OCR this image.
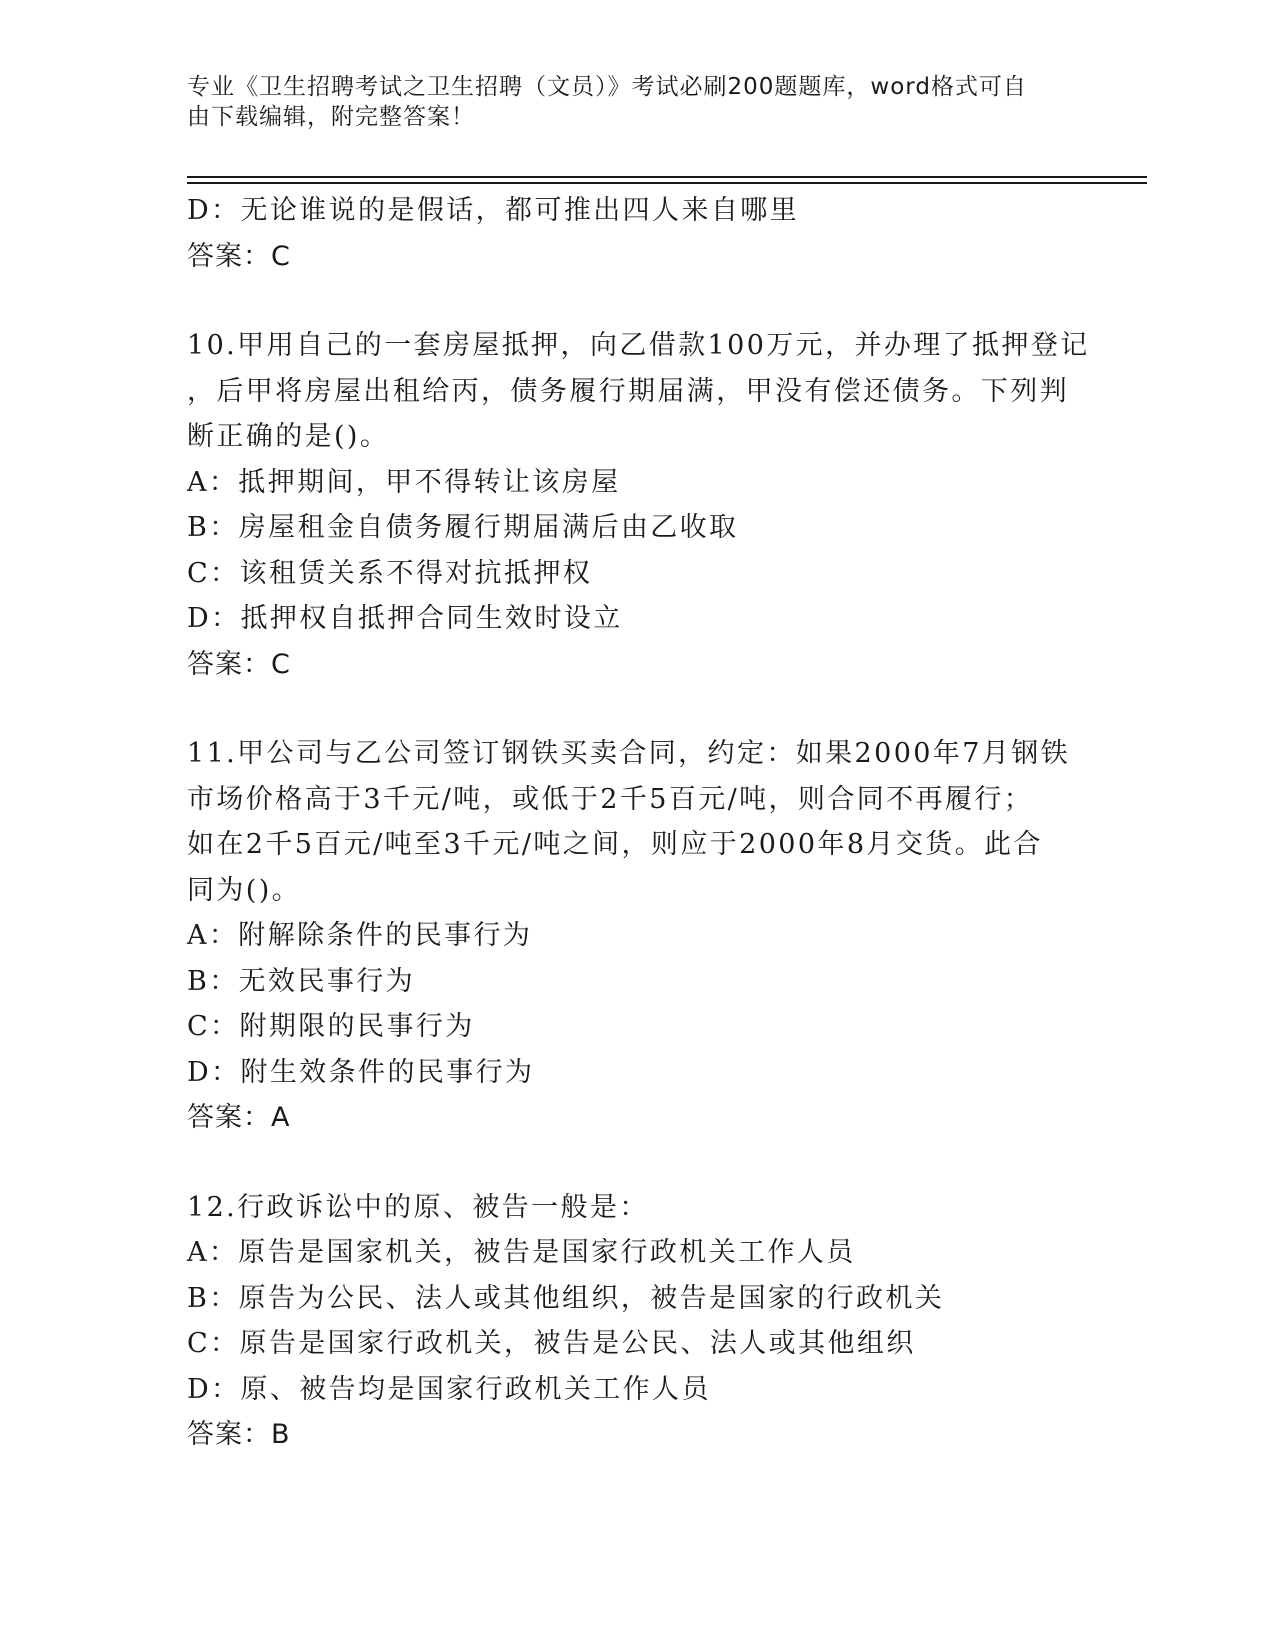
专业《卫生招聘考试之卫生招聘（文员）》考试必刷200题题库，word格式可自
由下载编辑，附完整答案！
D：无论谁说的是假话，都可推出四人来自哪里
答案：C
10.甲用自己的一套房屋抵押，向乙借款100万元，并办理了抵押登记
，后甲将房屋出租给丙，债务履行期届满，甲没有偿还债务。下列判
断正确的是()。
A：抵押期间，甲不得转让该房屋
B：房屋租金自债务履行期届满后由乙收取
C：该租赁关系不得对抗抵押权
D：抵押权自抵押合同生效时设立
答案：C
11.甲公司与乙公司签订钢铁买卖合同，约定：如果2000年7月钢铁
市场价格高于3千元/吨，或低于2千5百元/吨，则合同不再履行；
如在2千5百元/吨至3千元/吨之间，则应于2000年8月交货。此合
同为()。
A：附解除条件的民事行为
B：无效民事行为
C：附期限的民事行为
D：附生效条件的民事行为
答案：A
12.行政诉讼中的原、被告一般是：
A：原告是国家机关，被告是国家行政机关工作人员
B：原告为公民、法人或其他组织，被告是国家的行政机关
C：原告是国家行政机关，被告是公民、法人或其他组织
D：原、被告均是国家行政机关工作人员
答案：B
